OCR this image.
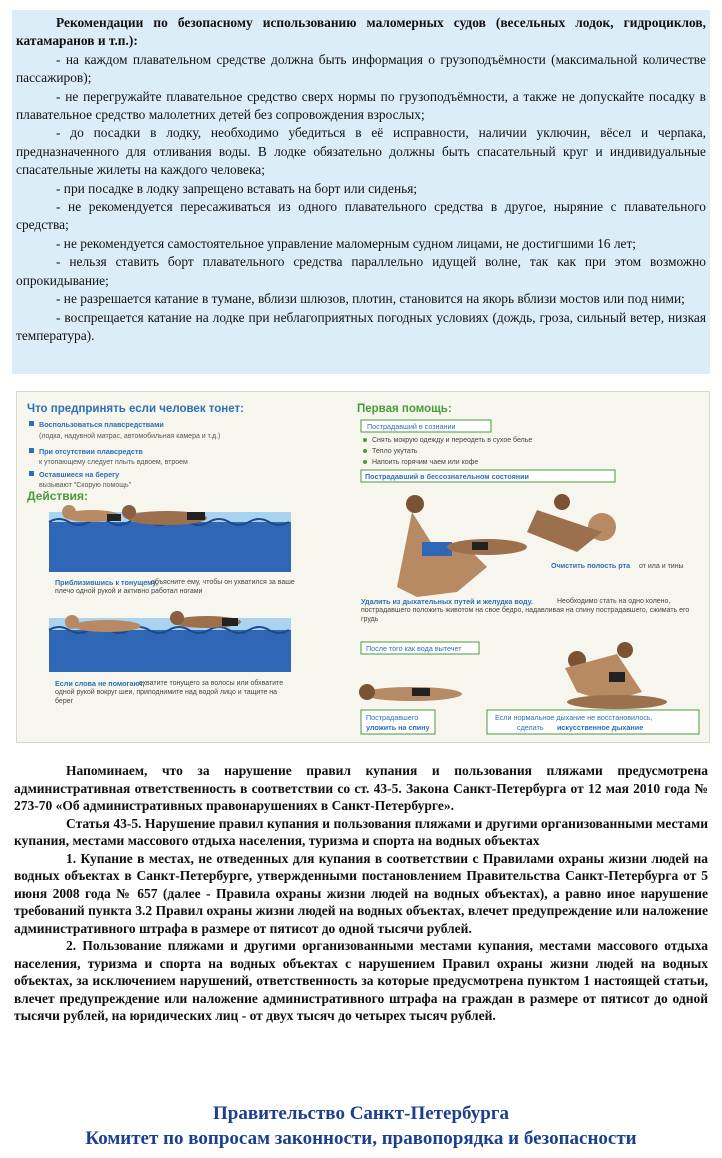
Рекомендации по безопасному использованию маломерных судов (весельных лодок, гидроциклов, катамаранов и т.п.):

- на каждом плавательном средстве должна быть информация о грузоподъёмности (максимальной количестве пассажиров);

- не перегружайте плавательное средство сверх нормы по грузоподъёмности, а также не допускайте посадку в плавательное средство малолетних детей без сопровождения взрослых;

- до посадки в лодку, необходимо убедиться в её исправности, наличии уключин, вёсел и черпака, предназначенного для отливания воды. В лодке обязательно должны быть спасательный круг и индивидуальные спасательные жилеты на каждого человека;

- при посадке в лодку запрещено вставать на борт или сиденья;

- не рекомендуется пересаживаться из одного плавательного средства в другое, ныряние с плавательного средства;

- не рекомендуется самостоятельное управление маломерным судном лицами, не достигшими 16 лет;

- нельзя ставить борт плавательного средства параллельно идущей волне, так как при этом возможно опрокидывание;

- не разрешается катание в тумане, вблизи шлюзов, плотин, становится на якорь вблизи мостов или под ними;

- воспрещается катание на лодке при неблагоприятных погодных условиях (дождь, гроза, сильный ветер, низкая температура).

Что предпринять если человек тонет:
Воспользоваться плавсредствами
При отсутствии плавсредств
Оставшиеся на берегу
(лодка, надувной матрас, автомобильная камера и т.д.)
к утопающему следует плыть вдвоем, втроем
вызывают "Скорую помощь"
Действия:
Приблизившись к тонущему,
объясните ему, чтобы он ухватился за ваше плечо одной рукой и активно работал ногами
Если слова не помогают,
схватите тонущего за волосы или обхватите одной рукой вокруг шеи, приподнимите над водой лицо и тащите на берег
Первая помощь:
Пострадавший в сознании
Снять мокрую одежду и переодеть в сухое белье
Тепло укутать
Напоить горячим чаем или кофе
Пострадавший в бессознательном состоянии
Очистить полость рта от ила и тины
Удалить из дыхательных путей и желудка воду.	Необходимо стать на одно колено, пострадавшего положить животом на свое бедро, надавливая на спину пострадавшего, сжимать его грудь
После того как вода вытечет
Пострадавшего
уложить на спину
Если нормальное дыхание не восстановилось,
сделать искусственное дыхание

Напоминаем, что за нарушение правил купания и пользования пляжами предусмотрена административная ответственность в соответствии со ст. 43-5. Закона Санкт-Петербурга от 12 мая 2010 года № 273-70 «Об административных правонарушениях в Санкт-Петербурге».

Статья 43-5. Нарушение правил купания и пользования пляжами и другими организованными местами купания, местами массового отдыха населения, туризма и спорта на водных объектах

1. Купание в местах, не отведенных для купания в соответствии с Правилами охраны жизни людей на водных объектах в Санкт-Петербурге, утвержденными постановлением Правительства Санкт-Петербурга от 5 июня 2008 года № 657 (далее - Правила охраны жизни людей на водных объектах), а равно иное нарушение требований пункта 3.2 Правил охраны жизни людей на водных объектах, влечет предупреждение или наложение административного штрафа в размере от пятисот до одной тысячи рублей.

2. Пользование пляжами и другими организованными местами купания, местами массового отдыха населения, туризма и спорта на водных объектах с нарушением Правил охраны жизни людей на водных объектах, за исключением нарушений, ответственность за которые предусмотрена пунктом 1 настоящей статьи, влечет предупреждение или наложение административного штрафа на граждан в размере от пятисот до одной тысячи рублей, на юридических лиц - от двух тысяч до четырех тысяч рублей.

Правительство Санкт-Петербурга
Комитет по вопросам законности, правопорядка и безопасности
